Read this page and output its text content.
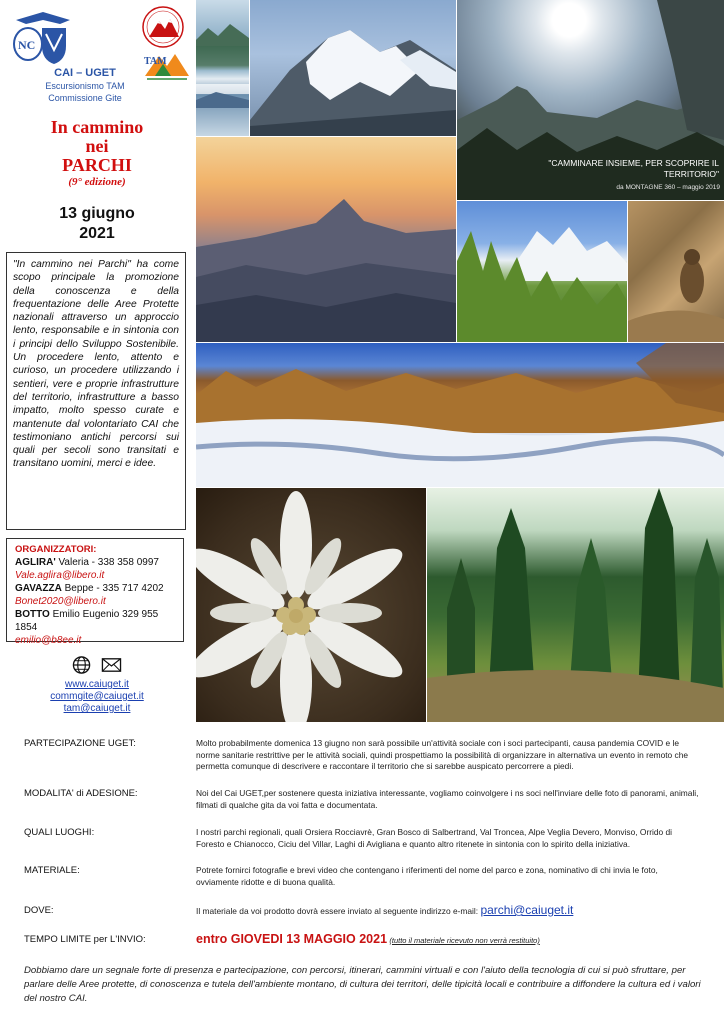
NC
TAM
CAI – UGET
Escursionismo TAM
Commissione Gite
In cammino
nei
PARCHI
(9° edizione)
13 giugno
2021

"In cammino nei Parchi" ha come scopo principale la promozione della conoscenza e della frequentazione delle Aree Protette nazionali attraverso un approccio lento, responsabile e in sintonia con i principi dello Sviluppo Sostenibile. Un procedere lento, attento e curioso, un procedere utilizzando i sentieri, vere e proprie infrastrutture del territorio, infrastrutture a basso impatto, molto spesso curate e mantenute dal volontariato CAI che testimoniano antichi percorsi sui quali per secoli sono transitati e transitano uomini, merci e idee.

ORGANIZZATORI:
AGLIRA' Valeria - 338 358 0997
Vale.aglira@libero.it
GAVAZZA Beppe - 335 717 4202
Bonet2020@libero.it
BOTTO Emilio Eugenio 329 955 1854
emilio@b8ee.it
www.caiuget.it
commgite@caiuget.it
tam@caiuget.it
"CAMMINARE INSIEME, PER SCOPRIRE IL TERRITORIO"
da MONTAGNE 360 – maggio 2019
PARTECIPAZIONE UGET:	Molto probabilmente domenica 13 giugno non sarà possibile un'attività sociale con i soci partecipanti, causa pandemia COVID e le norme sanitarie restrittive per le attività sociali, quindi prospettiamo la possibilità di organizzare in alternativa un evento in remoto che permetta comunque di descrivere e raccontare il territorio che si sarebbe auspicato percorrere a piedi.
MODALITA' di ADESIONE:	Noi del Cai UGET,per sostenere questa iniziativa interessante, vogliamo coinvolgere i ns soci nell'inviare delle foto di panorami, animali, filmati di qualche gita da voi fatta e documentata.
QUALI LUOGHI:	I nostri parchi regionali, quali Orsiera Rocciavrè, Gran Bosco di Salbertrand, Val Troncea, Alpe Veglia Devero, Monviso, Orrido di Foresto e Chianocco, Ciciu del Villar, Laghi di Avigliana e quanto altro ritenete in sintonia con lo spirito della iniziativa.
MATERIALE:	Potrete fornirci fotografie e brevi video che contengano i riferimenti del nome del parco e zona, nominativo di chi invia le foto, ovviamente ridotte e di buona qualità.
DOVE:	Il materiale da voi prodotto dovrà essere inviato al seguente indirizzo e-mail: parchi@caiuget.it
TEMPO LIMITE per L'INVIO:	entro GIOVEDI 13 MAGGIO 2021 (tutto il materiale ricevuto non verrà restituito)
Dobbiamo dare un segnale forte di presenza e partecipazione, con percorsi, itinerari, cammini virtuali e con l'aiuto della tecnologia di cui si può sfruttare, per parlare delle Aree protette, di conoscenza e tutela dell'ambiente montano, di cultura dei territori, delle tipicità locali e contribuire a diffondere la cultura ed i valori del nostro CAI.
